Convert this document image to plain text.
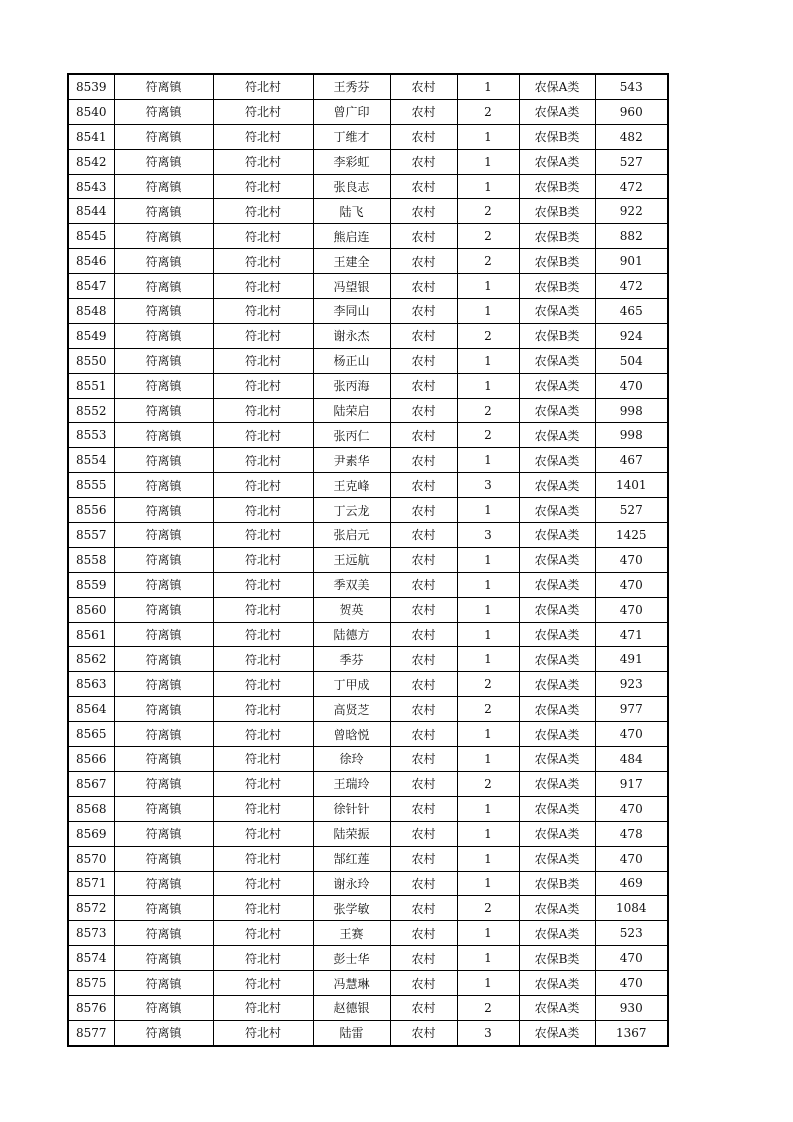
8539	符离镇	符北村	王秀芬	农村	1	农保A类	543
8540	符离镇	符北村	曾广印	农村	2	农保A类	960
8541	符离镇	符北村	丁维才	农村	1	农保B类	482
8542	符离镇	符北村	李彩虹	农村	1	农保A类	527
8543	符离镇	符北村	张良志	农村	1	农保B类	472
8544	符离镇	符北村	陆飞	农村	2	农保B类	922
8545	符离镇	符北村	熊启连	农村	2	农保B类	882
8546	符离镇	符北村	王建全	农村	2	农保B类	901
8547	符离镇	符北村	冯望银	农村	1	农保B类	472
8548	符离镇	符北村	李同山	农村	1	农保A类	465
8549	符离镇	符北村	谢永杰	农村	2	农保B类	924
8550	符离镇	符北村	杨正山	农村	1	农保A类	504
8551	符离镇	符北村	张丙海	农村	1	农保A类	470
8552	符离镇	符北村	陆荣启	农村	2	农保A类	998
8553	符离镇	符北村	张丙仁	农村	2	农保A类	998
8554	符离镇	符北村	尹素华	农村	1	农保A类	467
8555	符离镇	符北村	王克峰	农村	3	农保A类	1401
8556	符离镇	符北村	丁云龙	农村	1	农保A类	527
8557	符离镇	符北村	张启元	农村	3	农保A类	1425
8558	符离镇	符北村	王远航	农村	1	农保A类	470
8559	符离镇	符北村	季双美	农村	1	农保A类	470
8560	符离镇	符北村	贺英	农村	1	农保A类	470
8561	符离镇	符北村	陆德方	农村	1	农保A类	471
8562	符离镇	符北村	季芬	农村	1	农保A类	491
8563	符离镇	符北村	丁甲成	农村	2	农保A类	923
8564	符离镇	符北村	高贤芝	农村	2	农保A类	977
8565	符离镇	符北村	曾晗悦	农村	1	农保A类	470
8566	符离镇	符北村	徐玲	农村	1	农保A类	484
8567	符离镇	符北村	王瑞玲	农村	2	农保A类	917
8568	符离镇	符北村	徐针针	农村	1	农保A类	470
8569	符离镇	符北村	陆荣振	农村	1	农保A类	478
8570	符离镇	符北村	郜红莲	农村	1	农保A类	470
8571	符离镇	符北村	谢永玲	农村	1	农保B类	469
8572	符离镇	符北村	张学敏	农村	2	农保A类	1084
8573	符离镇	符北村	王赛	农村	1	农保A类	523
8574	符离镇	符北村	彭士华	农村	1	农保B类	470
8575	符离镇	符北村	冯慧琳	农村	1	农保A类	470
8576	符离镇	符北村	赵德银	农村	2	农保A类	930
8577	符离镇	符北村	陆雷	农村	3	农保A类	1367
